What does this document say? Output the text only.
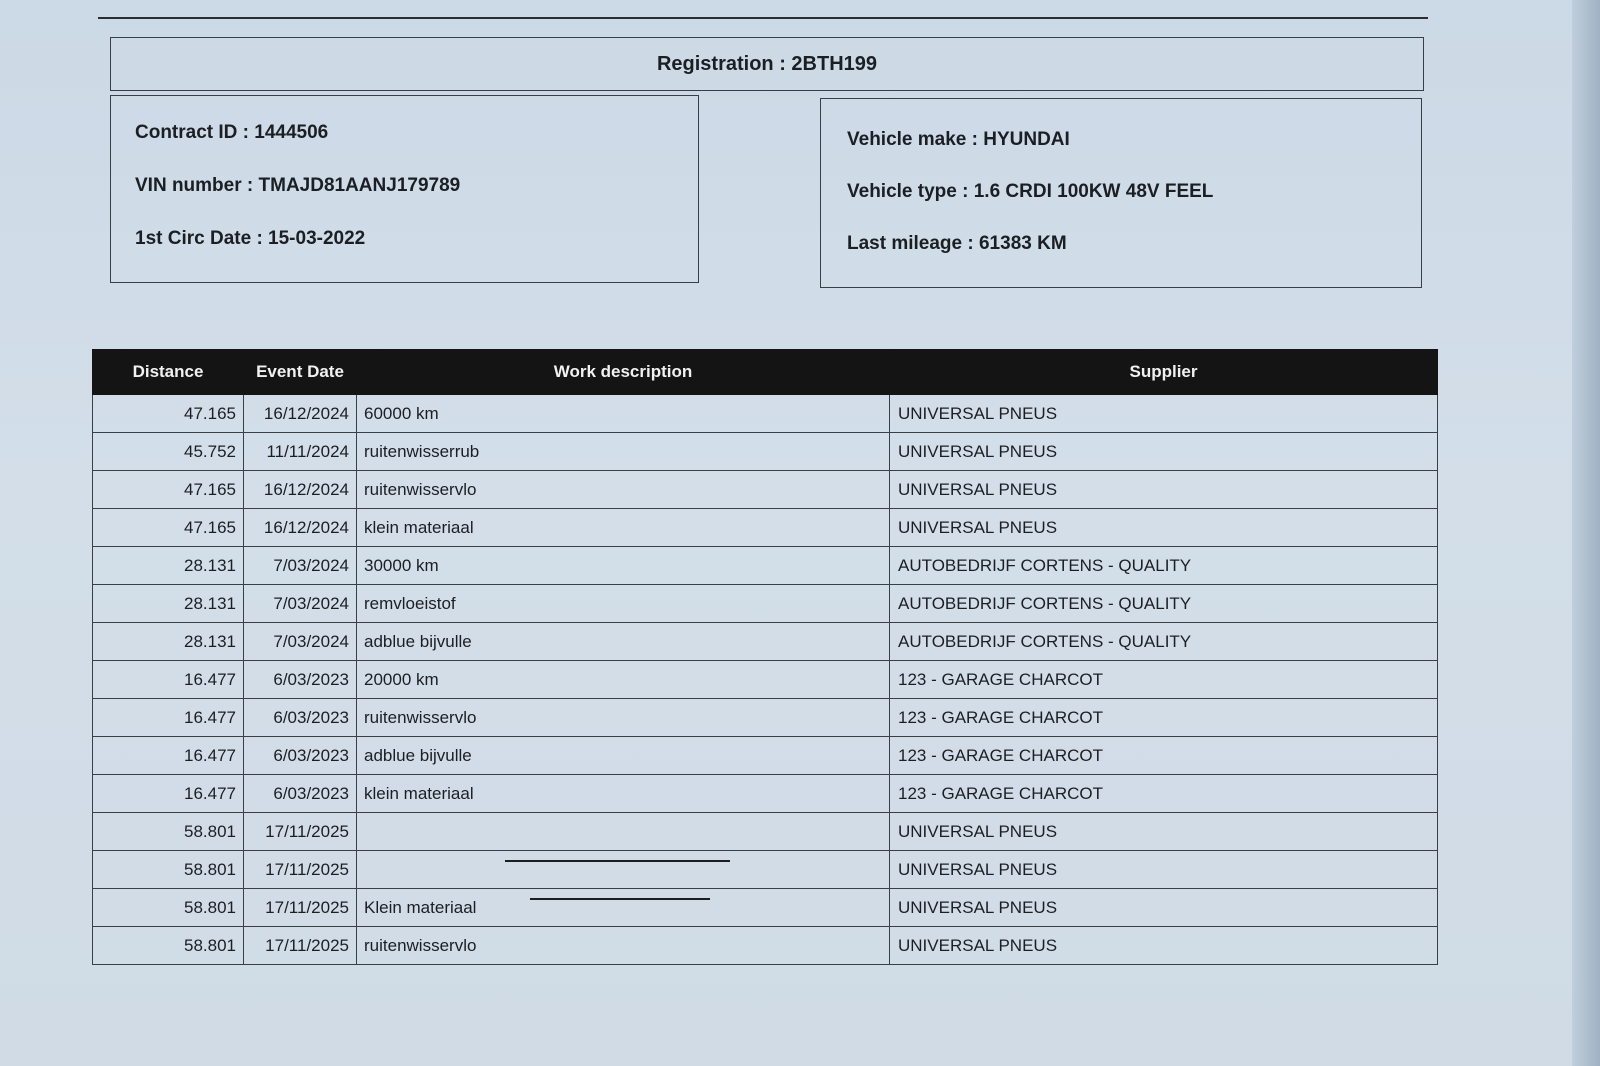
Registration : 2BTH199
Contract ID : 1444506
VIN number : TMAJD81AANJ179789
1st Circ Date : 15-03-2022
Vehicle make : HYUNDAI
Vehicle type : 1.6 CRDI 100KW 48V FEEL
Last mileage : 61383 KM
Distance	Event Date	Work description	Supplier
47.165	16/12/2024	60000 km	UNIVERSAL PNEUS
45.752	11/11/2024	ruitenwisserrub	UNIVERSAL PNEUS
47.165	16/12/2024	ruitenwisservlo	UNIVERSAL PNEUS
47.165	16/12/2024	klein materiaal	UNIVERSAL PNEUS
28.131	7/03/2024	30000 km	AUTOBEDRIJF CORTENS - QUALITY
28.131	7/03/2024	remvloeistof	AUTOBEDRIJF CORTENS - QUALITY
28.131	7/03/2024	adblue bijvulle	AUTOBEDRIJF CORTENS - QUALITY
16.477	6/03/2023	20000 km	123 - GARAGE CHARCOT
16.477	6/03/2023	ruitenwisservlo	123 - GARAGE CHARCOT
16.477	6/03/2023	adblue bijvulle	123 - GARAGE CHARCOT
16.477	6/03/2023	klein materiaal	123 - GARAGE CHARCOT
58.801	17/11/2025		UNIVERSAL PNEUS
58.801	17/11/2025		UNIVERSAL PNEUS
58.801	17/11/2025	Klein materiaal	UNIVERSAL PNEUS
58.801	17/11/2025	ruitenwisservlo	UNIVERSAL PNEUS
